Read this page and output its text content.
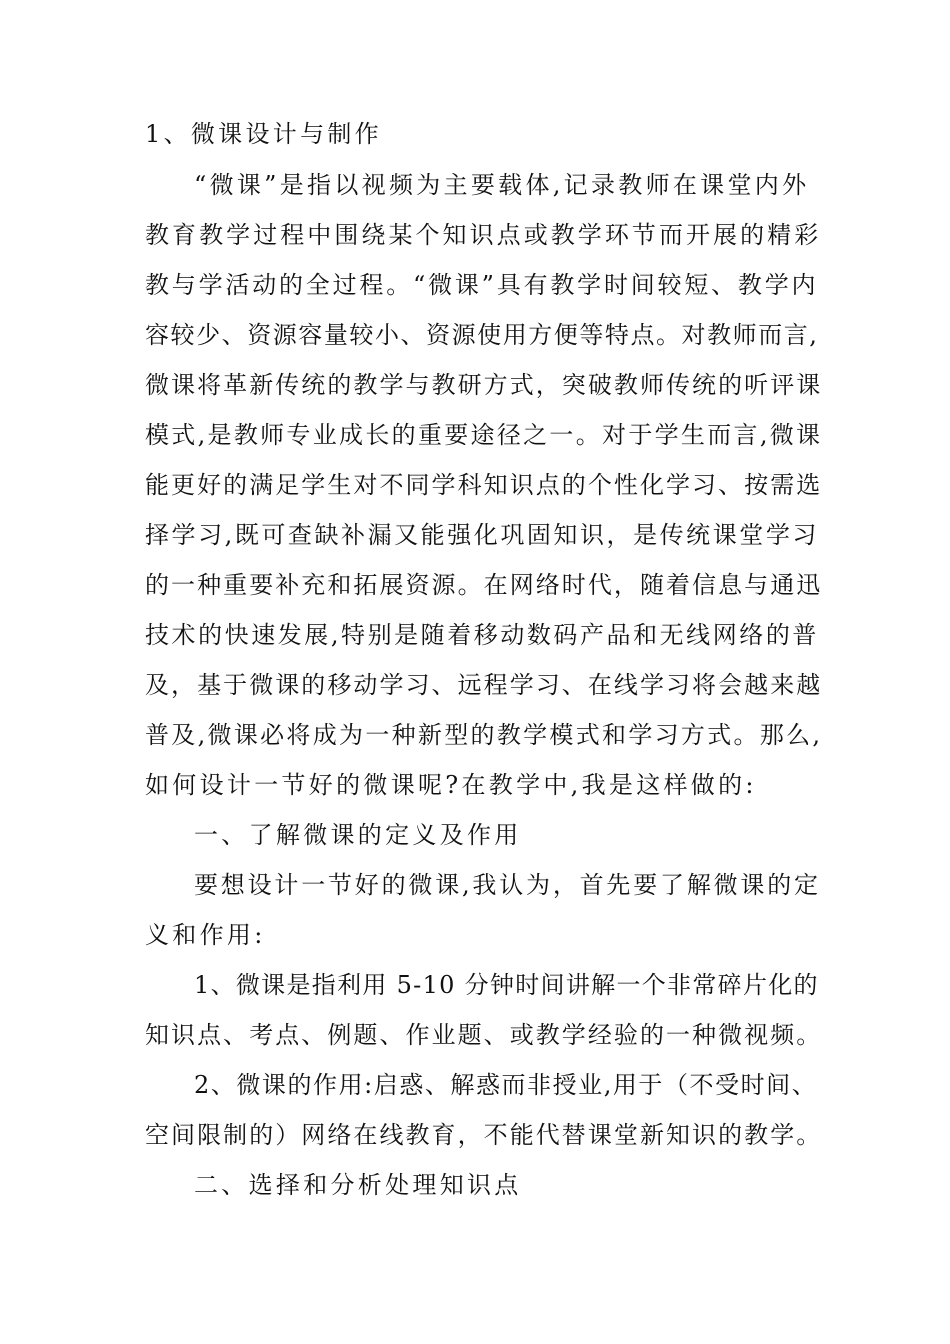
1、微课设计与制作
“微课”是指以视频为主要载体,记录教师在课堂内外
教育教学过程中围绕某个知识点或教学环节而开展的精彩
教与学活动的全过程。“微课”具有教学时间较短、教学内
容较少、资源容量较小、资源使用方便等特点。对教师而言,
微课将革新传统的教学与教研方式，突破教师传统的听评课
模式,是教师专业成长的重要途径之一。对于学生而言,微课
能更好的满足学生对不同学科知识点的个性化学习、按需选
择学习,既可查缺补漏又能强化巩固知识，是传统课堂学习
的一种重要补充和拓展资源。在网络时代，随着信息与通迅
技术的快速发展,特别是随着移动数码产品和无线网络的普
及，基于微课的移动学习、远程学习、在线学习将会越来越
普及,微课必将成为一种新型的教学模式和学习方式。那么,
如何设计一节好的微课呢?在教学中,我是这样做的:
一、了解微课的定义及作用
要想设计一节好的微课,我认为，首先要了解微课的定
义和作用:
1、微课是指利用 5-10 分钟时间讲解一个非常碎片化的
知识点、考点、例题、作业题、或教学经验的一种微视频。
2、微课的作用:启惑、解惑而非授业,用于（不受时间、
空间限制的）网络在线教育，不能代替课堂新知识的教学。
二、选择和分析处理知识点
